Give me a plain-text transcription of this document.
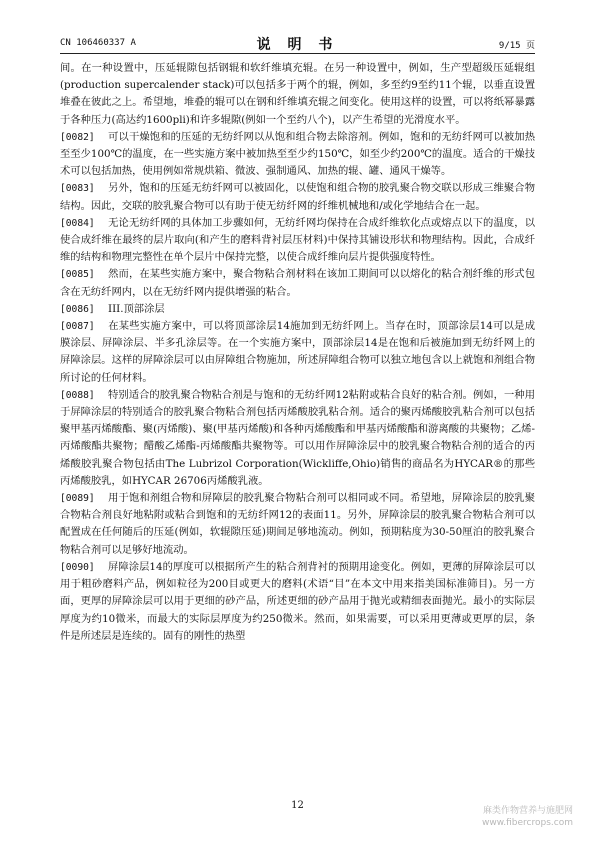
CN 106460337 A	说 明 书	9/15 页

间。在一种设置中，压延辊隙包括钢辊和软纤维填充辊。在另一种设置中，例如，生产型超级压延辊组(production supercalender stack)可以包括多于两个的辊，例如，多至约9至约11个辊，以垂直设置堆叠在彼此之上。希望地，堆叠的辊可以在钢和纤维填充辊之间变化。使用这样的设置，可以将纸幂暴露于各种压力(高达约1600pli)和许多辊隙(例如一个至约八个)，以产生希望的光滑度水平。

[0082] 可以干燥饱和的压延的无纺纤网以从饱和组合物去除溶剂。例如，饱和的无纺纤网可以被加热至至少100℃的温度，在一些实施方案中被加热至至少约150℃，如至少约200℃的温度。适合的干燥技术可以包括加热，使用例如常规烘箱、微波、强制通风、加热的辊、罐、通风干燥等。

[0083] 另外，饱和的压延无纺纤网可以被固化，以使饱和组合物的胶乳聚合物交联以形成三维聚合物结构。因此，交联的胶乳聚合物可以有助于使无纺纤网的纤维机械地和/或化学地结合在一起。

[0084] 无论无纺纤网的具体加工步骤如何，无纺纤网均保持在合成纤维软化点或熔点以下的温度，以使合成纤维在最终的层片取向(和产生的磨料背衬层压材料)中保持其铺设形状和物理结构。因此，合成纤维的结构和物理完整性在单个层片中保持完整，以使合成纤维向层片提供强度特性。

[0085] 然而，在某些实施方案中，聚合物粘合剂材料在该加工期间可以以熔化的粘合剂纤维的形式包含在无纺纤网内，以在无纺纤网内提供增强的粘合。

[0086] III.顶部涂层

[0087] 在某些实施方案中，可以将顶部涂层14施加到无纺纤网上。当存在时，顶部涂层14可以是成膜涂层、屏障涂层、半多孔涂层等。在一个实施方案中，顶部涂层14是在饱和后被施加到无纺纤网上的屏障涂层。这样的屏障涂层可以由屏障组合物施加，所述屏障组合物可以独立地包含以上就饱和剂组合物所讨论的任何材料。

[0088] 特别适合的胶乳聚合物粘合剂是与饱和的无纺纤网12粘附或粘合良好的粘合剂。例如，一种用于屏障涂层的特别适合的胶乳聚合物粘合剂包括丙烯酸胶乳粘合剂。适合的聚丙烯酸胶乳粘合剂可以包括聚甲基丙烯酸酯、聚(丙烯酸)、聚(甲基丙烯酸)和各种丙烯酸酯和甲基丙烯酸酯和游离酸的共聚物；乙烯-丙烯酸酯共聚物；醋酸乙烯酯-丙烯酸酯共聚物等。可以用作屏障涂层中的胶乳聚合物粘合剂的适合的丙烯酸胶乳聚合物包括由The Lubrizol Corporation(Wickliffe,Ohio)销售的商品名为HYCAR®的那些丙烯酸胶乳，如HYCAR 26706丙烯酸乳液。

[0089] 用于饱和剂组合物和屏障层的胶乳聚合物粘合剂可以相同或不同。希望地，屏障涂层的胶乳聚合物粘合剂良好地粘附或粘合到饱和的无纺纤网12的表面11。另外，屏障涂层的胶乳聚合物粘合剂可以配置成在任何随后的压延(例如，软辊隙压延)期间足够地流动。例如，预期粘度为30-50厘泊的胶乳聚合物粘合剂可以足够好地流动。

[0090] 屏障涂层14的厚度可以根据所产生的粘合剂背衬的预期用途变化。例如，更薄的屏障涂层可以用于粗砂磨料产品，例如粒径为200目或更大的磨料(术语“目”在本文中用来指美国标准筛目)。另一方面，更厚的屏障涂层可以用于更细的砂产品，所述更细的砂产品用于抛光或精细表面抛光。最小的实际层厚度为约10微米，而最大的实际层厚度为约250微米。然而，如果需要，可以采用更薄或更厚的层，条件是所述层是连续的。固有的刚性的热塑

12	麻类作物营养与施肥网
www.fibercrops.com
